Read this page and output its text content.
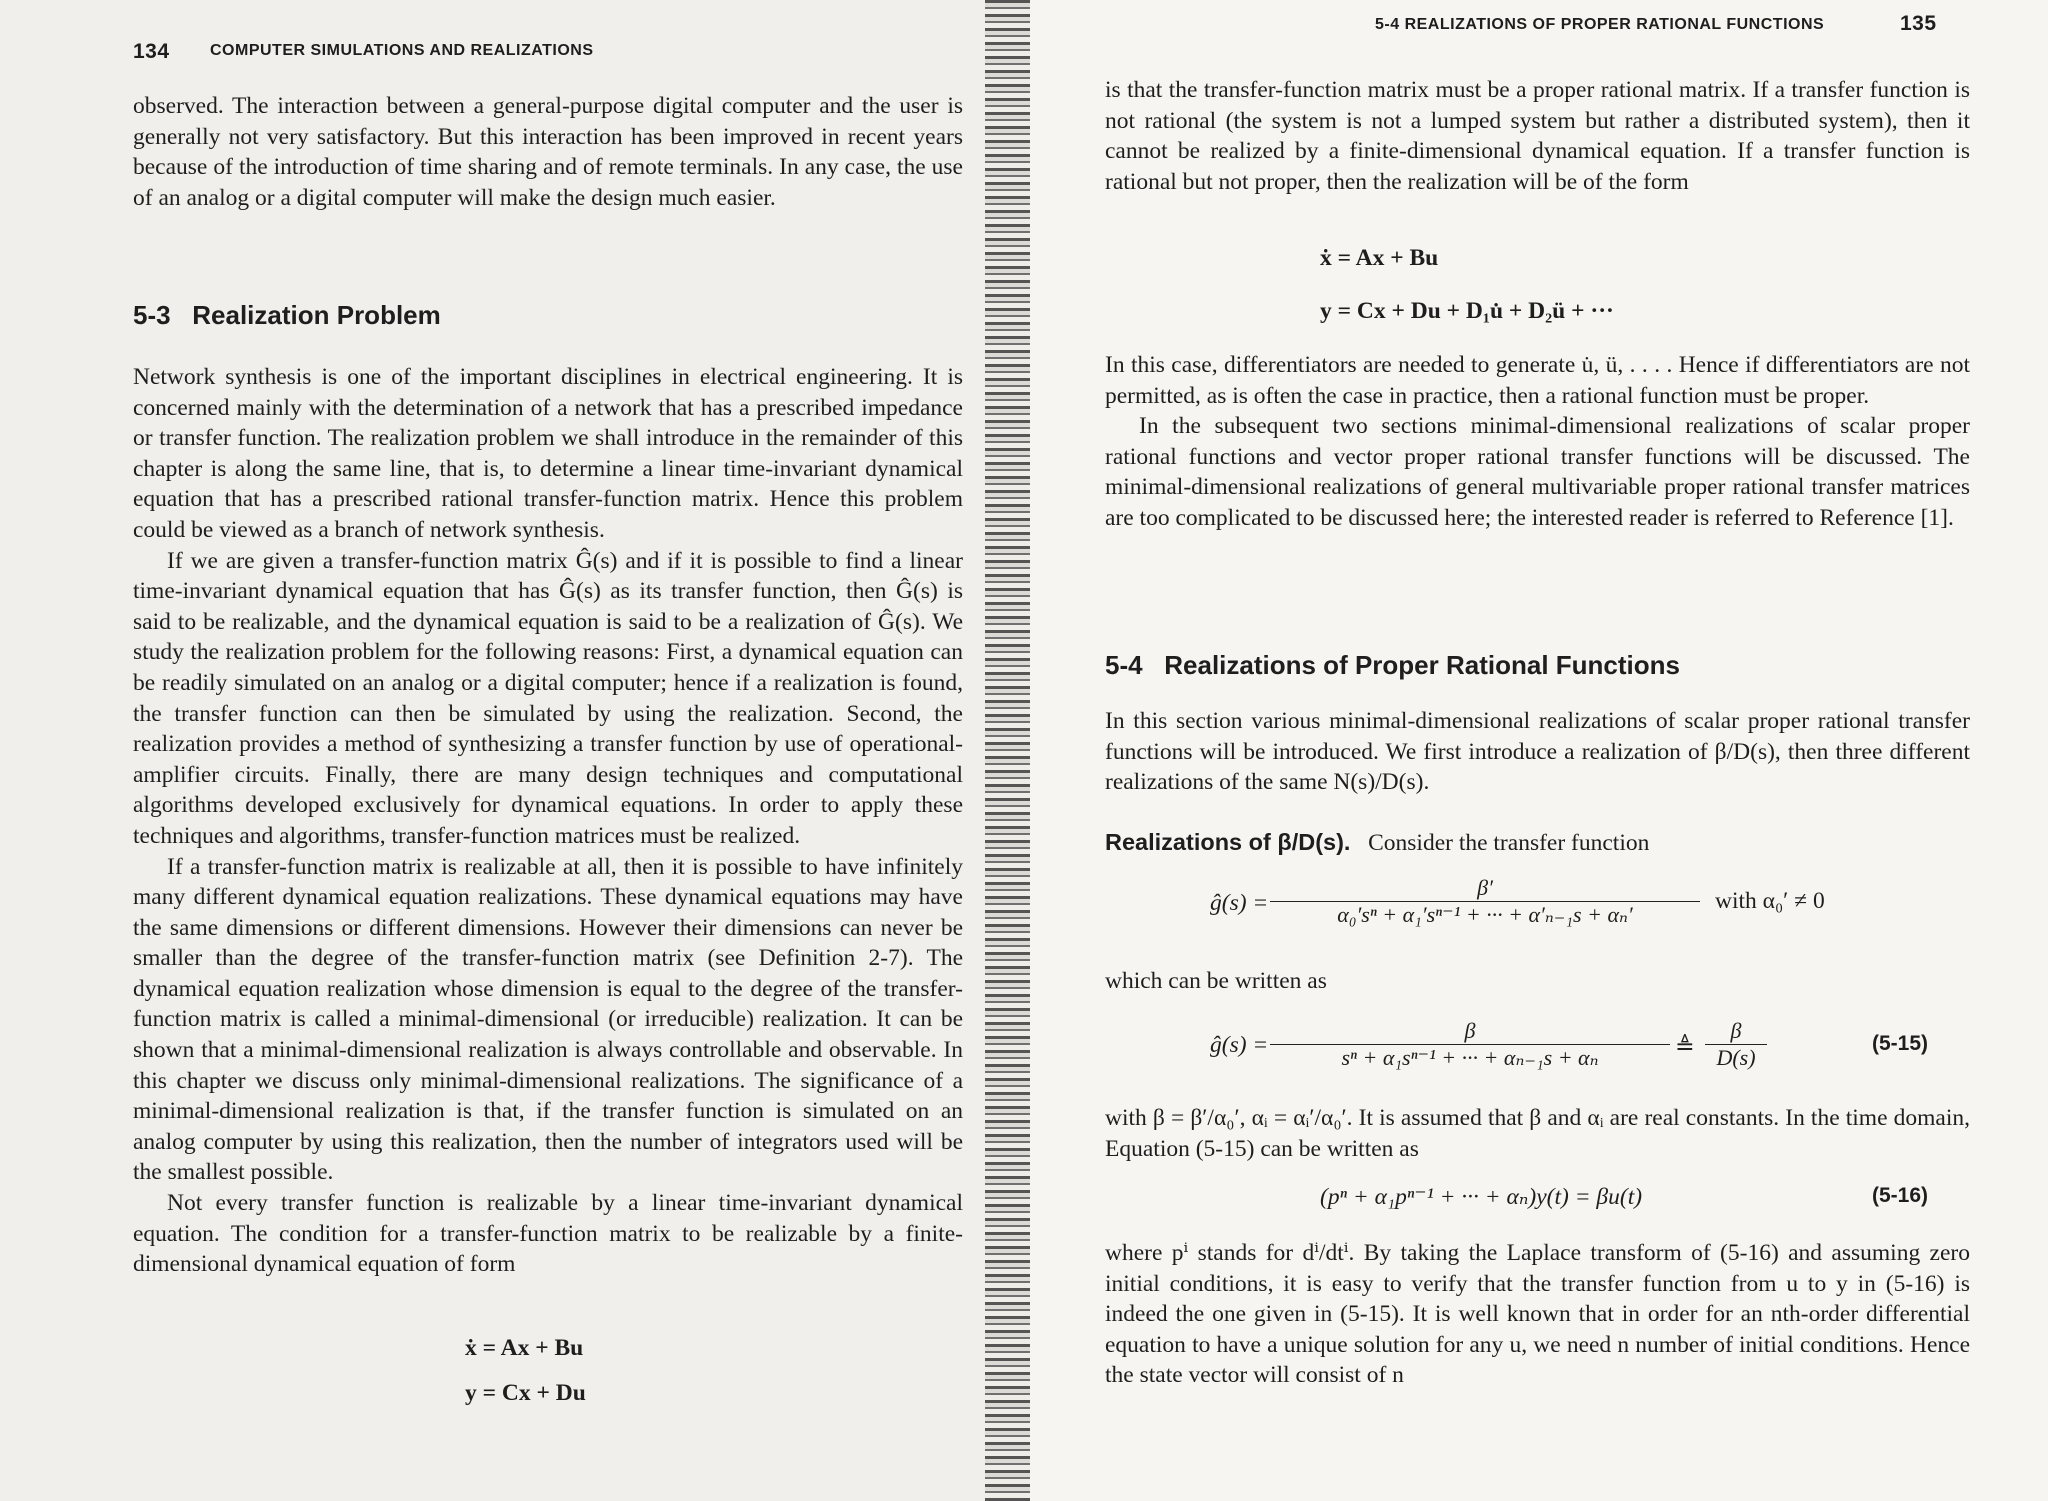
134	COMPUTER SIMULATIONS AND REALIZATIONS

observed. The interaction between a general-purpose digital computer and the user is generally not very satisfactory. But this interaction has been improved in recent years because of the introduction of time sharing and of remote terminals. In any case, the use of an analog or a digital computer will make the design much easier.

5-3 Realization Problem

Network synthesis is one of the important disciplines in electrical engineering. It is concerned mainly with the determination of a network that has a prescribed impedance or transfer function. The realization problem we shall introduce in the remainder of this chapter is along the same line, that is, to determine a linear time-invariant dynamical equation that has a prescribed rational transfer-function matrix. Hence this problem could be viewed as a branch of network synthesis.

If we are given a transfer-function matrix Ĝ(s) and if it is possible to find a linear time-invariant dynamical equation that has Ĝ(s) as its transfer function, then Ĝ(s) is said to be realizable, and the dynamical equation is said to be a realization of Ĝ(s). We study the realization problem for the following reasons: First, a dynamical equation can be readily simulated on an analog or a digital computer; hence if a realization is found, the transfer function can then be simulated by using the realization. Second, the realization provides a method of synthesizing a transfer function by use of operational-amplifier circuits. Finally, there are many design techniques and computational algorithms developed exclusively for dynamical equations. In order to apply these techniques and algorithms, transfer-function matrices must be realized.

If a transfer-function matrix is realizable at all, then it is possible to have infinitely many different dynamical equation realizations. These dynamical equations may have the same dimensions or different dimensions. However their dimensions can never be smaller than the degree of the transfer-function matrix (see Definition 2-7). The dynamical equation realization whose dimension is equal to the degree of the transfer-function matrix is called a minimal-dimensional (or irreducible) realization. It can be shown that a minimal-dimensional realization is always controllable and observable. In this chapter we discuss only minimal-dimensional realizations. The significance of a minimal-dimensional realization is that, if the transfer function is simulated on an analog computer by using this realization, then the number of integrators used will be the smallest possible.

Not every transfer function is realizable by a linear time-invariant dynamical equation. The condition for a transfer-function matrix to be realizable by a finite-dimensional dynamical equation of form

ẋ = Ax + Bu
y = Cx + Du
5-4 REALIZATIONS OF PROPER RATIONAL FUNCTIONS	135

is that the transfer-function matrix must be a proper rational matrix. If a transfer function is not rational (the system is not a lumped system but rather a distributed system), then it cannot be realized by a finite-dimensional dynamical equation. If a transfer function is rational but not proper, then the realization will be of the form

ẋ = Ax + Bu
y = Cx + Du + D₁u̇ + D₂ü + ···

In this case, differentiators are needed to generate u̇, ü, . . . . Hence if differentiators are not permitted, as is often the case in practice, then a rational function must be proper.

In the subsequent two sections minimal-dimensional realizations of scalar proper rational functions and vector proper rational transfer functions will be discussed. The minimal-dimensional realizations of general multivariable proper rational transfer matrices are too complicated to be discussed here; the interested reader is referred to Reference [1].

5-4 Realizations of Proper Rational Functions

In this section various minimal-dimensional realizations of scalar proper rational transfer functions will be introduced. We first introduce a realization of β/D(s), then three different realizations of the same N(s)/D(s).

Realizations of β/D(s). Consider the transfer function
ĝ(s) = $\frac{\beta'}{\text{α₀′sⁿ + α₁′sⁿ⁻¹ + ··· + α′ₙ₋₁s + αₙ′}}$ with α₀′ ≠ 0
which can be written as
ĝ(s) = $\frac{\beta}{\text{sⁿ + α₁sⁿ⁻¹ + ··· + αₙ₋₁s + αₙ}}$ ≜ $\frac{\beta}{D(s)}$	(5-15)

with β = β′/α₀′, αᵢ = αᵢ′/α₀′. It is assumed that β and αᵢ are real constants. In the time domain, Equation (5-15) can be written as

(pⁿ + α₁pⁿ⁻¹ + ··· + αₙ)y(t) = βu(t)	(5-16)

where pⁱ stands for dⁱ/dtⁱ. By taking the Laplace transform of (5-16) and assuming zero initial conditions, it is easy to verify that the transfer function from u to y in (5-16) is indeed the one given in (5-15). It is well known that in order for an nth-order differential equation to have a unique solution for any u, we need n number of initial conditions. Hence the state vector will consist of n
